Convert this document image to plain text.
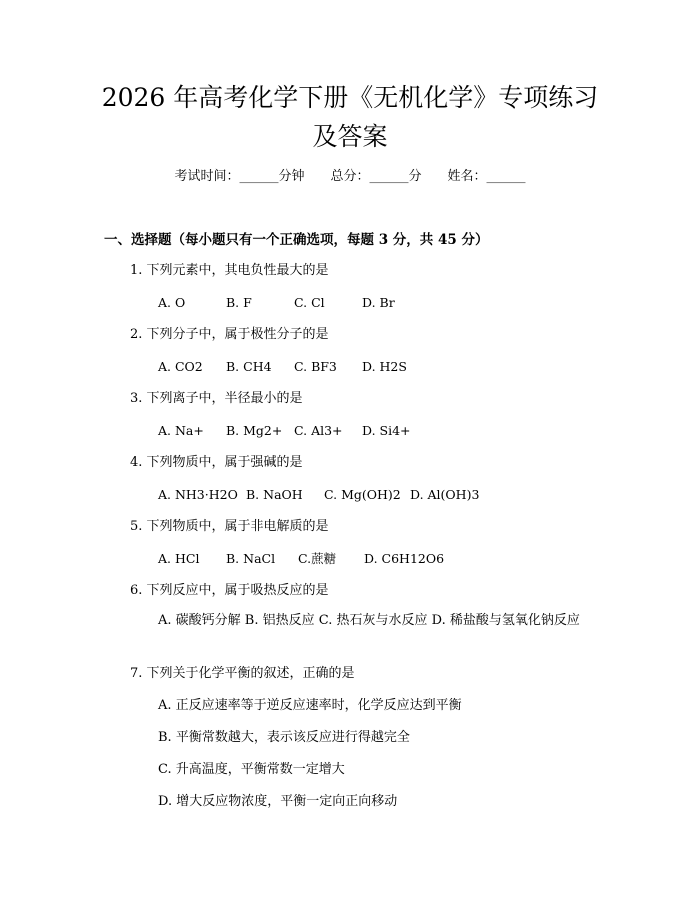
2026 年高考化学下册《无机化学》专项练习
及答案
考试时间：______分钟 总分：______分 姓名：______
一、选择题（每小题只有一个正确选项，每题 3 分，共 45 分）
1. 下列元素中，其电负性最大的是
A. O	B. F	C. Cl	D. Br
2. 下列分子中，属于极性分子的是
A. CO2 B. CH4 C. BF3 D. H2S
3. 下列离子中，半径最小的是
A. Na+ B. Mg2+ C. Al3+ D. Si4+
4. 下列物质中，属于强碱的是
A. NH3·H2O B. NaOH C. Mg(OH)2 D. Al(OH)3
5. 下列物质中，属于非电解质的是
A. HCl B. NaCl C.蔗糖 D. C6H12O6
6. 下列反应中，属于吸热反应的是
A. 碳酸钙分解 B. 铝热反应 C. 热石灰与水反应 D. 稀盐酸与氢氧化钠反应
7. 下列关于化学平衡的叙述，正确的是
A. 正反应速率等于逆反应速率时，化学反应达到平衡
B. 平衡常数越大，表示该反应进行得越完全
C. 升高温度，平衡常数一定增大
D. 增大反应物浓度，平衡一定向正向移动
